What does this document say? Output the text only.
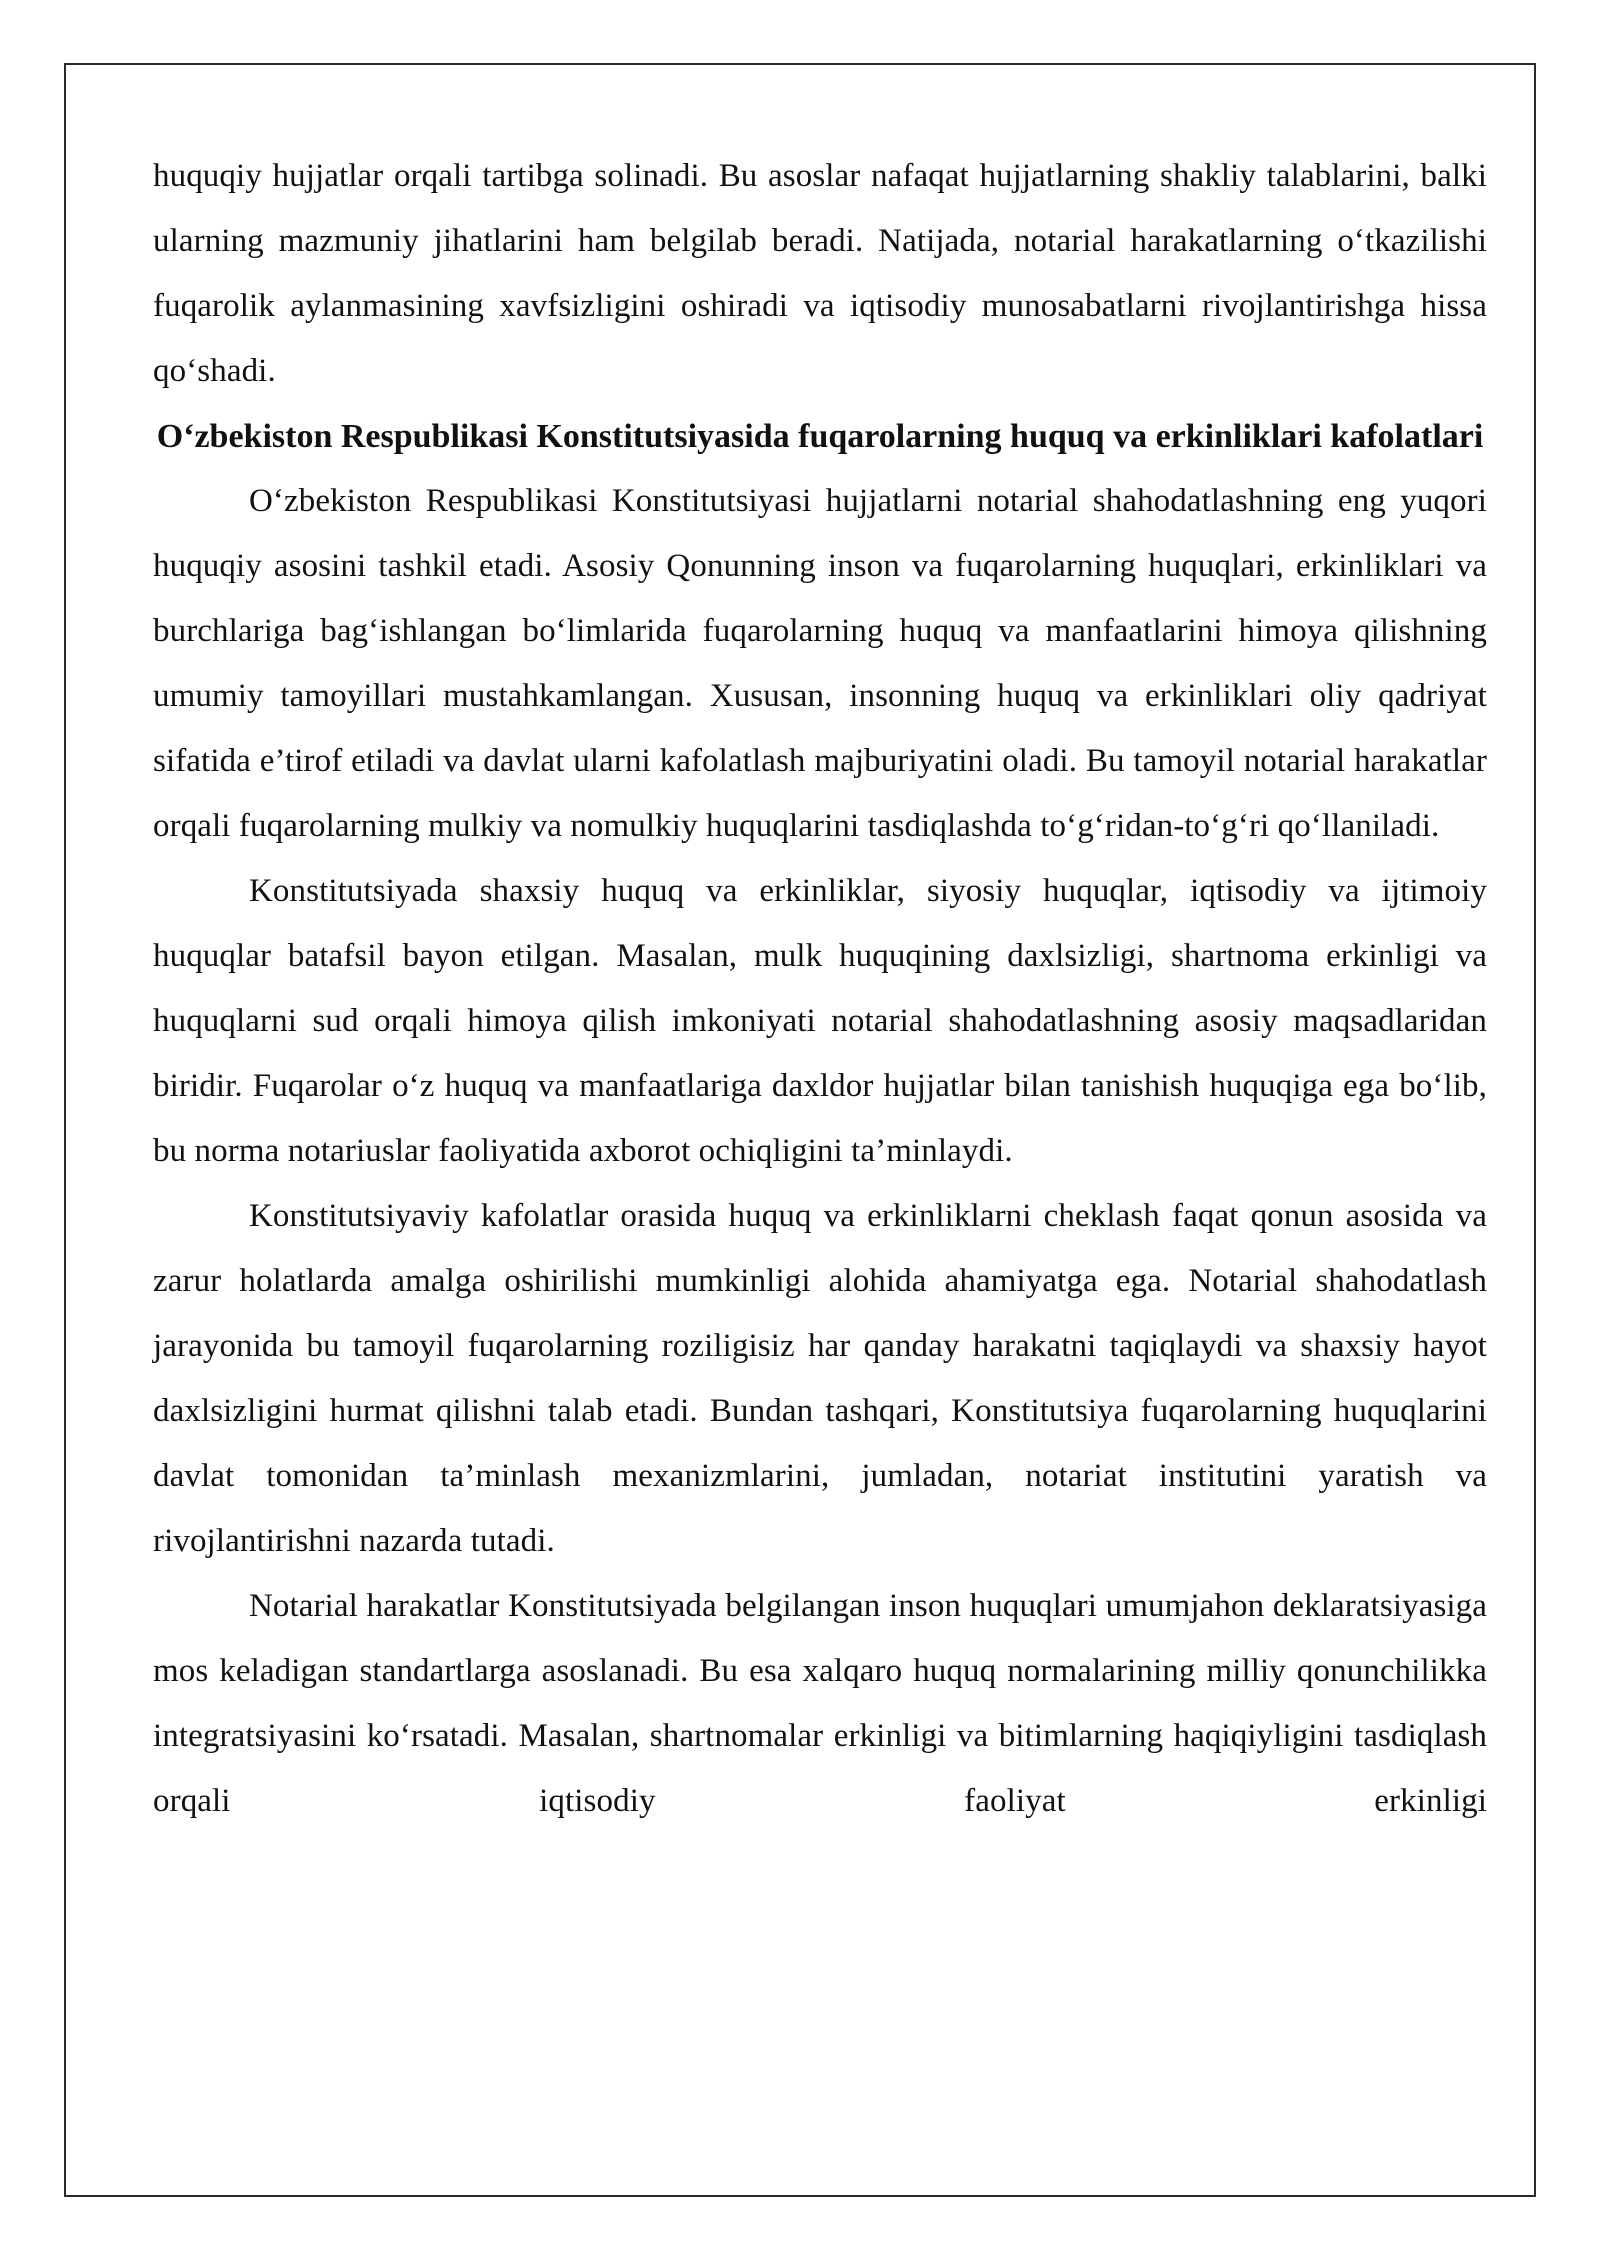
huquqiy hujjatlar orqali tartibga solinadi. Bu asoslar nafaqat hujjatlarning shakliy talablarini, balki ularning mazmuniy jihatlarini ham belgilab beradi. Natijada, notarial harakatlarning o‘tkazilishi fuqarolik aylanmasining xavfsizligini oshiradi va iqtisodiy munosabatlarni rivojlantirishga hissa qo‘shadi.

O‘zbekiston Respublikasi Konstitutsiyasida fuqarolarning huquq va erkinliklari kafolatlari

O‘zbekiston Respublikasi Konstitutsiyasi hujjatlarni notarial shahodatlashning eng yuqori huquqiy asosini tashkil etadi. Asosiy Qonunning inson va fuqarolarning huquqlari, erkinliklari va burchlariga bag‘ishlangan bo‘limlarida fuqarolarning huquq va manfaatlarini himoya qilishning umumiy tamoyillari mustahkamlangan. Xususan, insonning huquq va erkinliklari oliy qadriyat sifatida e’tirof etiladi va davlat ularni kafolatlash majburiyatini oladi. Bu tamoyil notarial harakatlar orqali fuqarolarning mulkiy va nomulkiy huquqlarini tasdiqlashda to‘g‘ridan-to‘g‘ri qo‘llaniladi.

Konstitutsiyada shaxsiy huquq va erkinliklar, siyosiy huquqlar, iqtisodiy va ijtimoiy huquqlar batafsil bayon etilgan. Masalan, mulk huquqining daxlsizligi, shartnoma erkinligi va huquqlarni sud orqali himoya qilish imkoniyati notarial shahodatlashning asosiy maqsadlaridan biridir. Fuqarolar o‘z huquq va manfaatlariga daxldor hujjatlar bilan tanishish huquqiga ega bo‘lib, bu norma notariuslar faoliyatida axborot ochiqligini ta’minlaydi.

Konstitutsiyaviy kafolatlar orasida huquq va erkinliklarni cheklash faqat qonun asosida va zarur holatlarda amalga oshirilishi mumkinligi alohida ahamiyatga ega. Notarial shahodatlash jarayonida bu tamoyil fuqarolarning roziligisiz har qanday harakatni taqiqlaydi va shaxsiy hayot daxlsizligini hurmat qilishni talab etadi. Bundan tashqari, Konstitutsiya fuqarolarning huquqlarini davlat tomonidan ta’minlash mexanizmlarini, jumladan, notariat institutini yaratish va rivojlantirishni nazarda tutadi.

Notarial harakatlar Konstitutsiyada belgilangan inson huquqlari umumjahon deklaratsiyasiga mos keladigan standartlarga asoslanadi. Bu esa xalqaro huquq normalarining milliy qonunchilikka integratsiyasini ko‘rsatadi. Masalan, shartnomalar erkinligi va bitimlarning haqiqiyligini tasdiqlash orqali iqtisodiy faoliyat erkinligi
